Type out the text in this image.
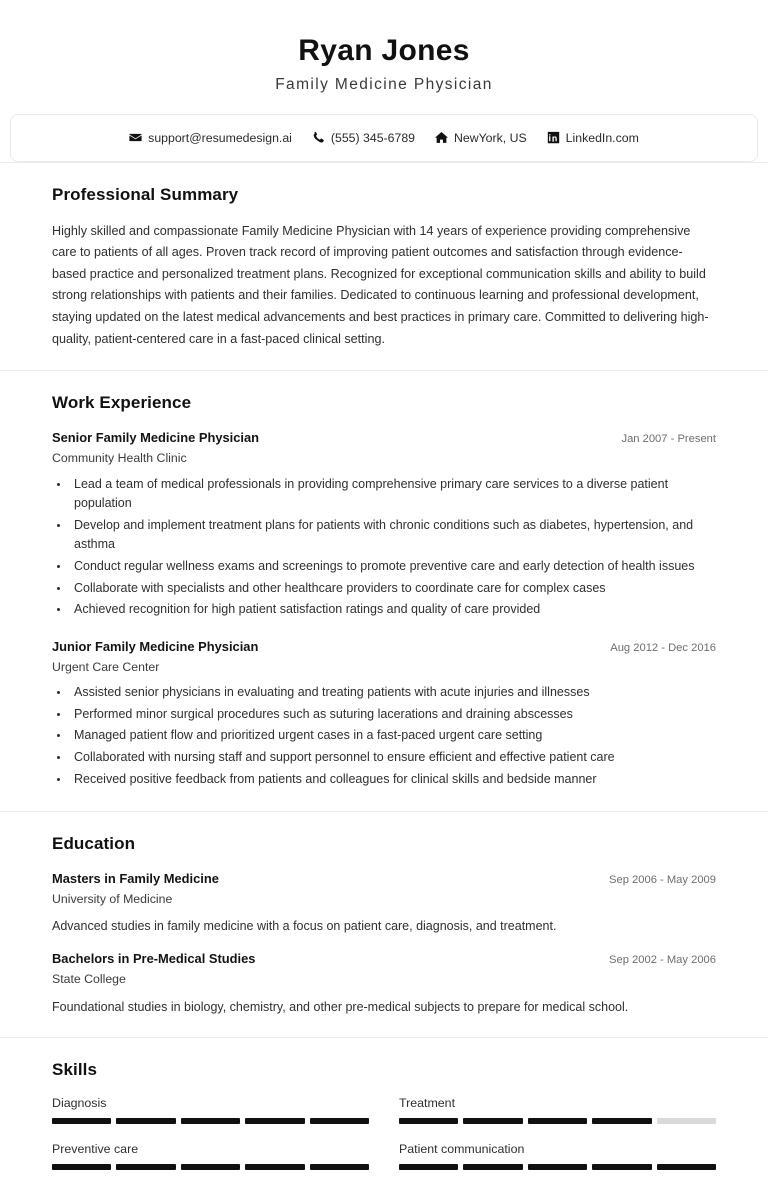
Ryan Jones
Family Medicine Physician
support@resumedesign.ai	(555) 345-6789	NewYork, US	LinkedIn.com
Professional Summary
Highly skilled and compassionate Family Medicine Physician with 14 years of experience providing comprehensive care to patients of all ages. Proven track record of improving patient outcomes and satisfaction through evidence-based practice and personalized treatment plans. Recognized for exceptional communication skills and ability to build strong relationships with patients and their families. Dedicated to continuous learning and professional development, staying updated on the latest medical advancements and best practices in primary care. Committed to delivering high-quality, patient-centered care in a fast-paced clinical setting.
Work Experience
Senior Family Medicine Physician	Jan 2007 - Present
Community Health Clinic
• Lead a team of medical professionals in providing comprehensive primary care services to a diverse patient population
• Develop and implement treatment plans for patients with chronic conditions such as diabetes, hypertension, and asthma
• Conduct regular wellness exams and screenings to promote preventive care and early detection of health issues
• Collaborate with specialists and other healthcare providers to coordinate care for complex cases
• Achieved recognition for high patient satisfaction ratings and quality of care provided
Junior Family Medicine Physician	Aug 2012 - Dec 2016
Urgent Care Center
• Assisted senior physicians in evaluating and treating patients with acute injuries and illnesses
• Performed minor surgical procedures such as suturing lacerations and draining abscesses
• Managed patient flow and prioritized urgent cases in a fast-paced urgent care setting
• Collaborated with nursing staff and support personnel to ensure efficient and effective patient care
• Received positive feedback from patients and colleagues for clinical skills and bedside manner
Education
Masters in Family Medicine	Sep 2006 - May 2009
University of Medicine
Advanced studies in family medicine with a focus on patient care, diagnosis, and treatment.
Bachelors in Pre-Medical Studies	Sep 2002 - May 2006
State College
Foundational studies in biology, chemistry, and other pre-medical subjects to prepare for medical school.
Skills
Diagnosis	Treatment
Preventive care	Patient communication
